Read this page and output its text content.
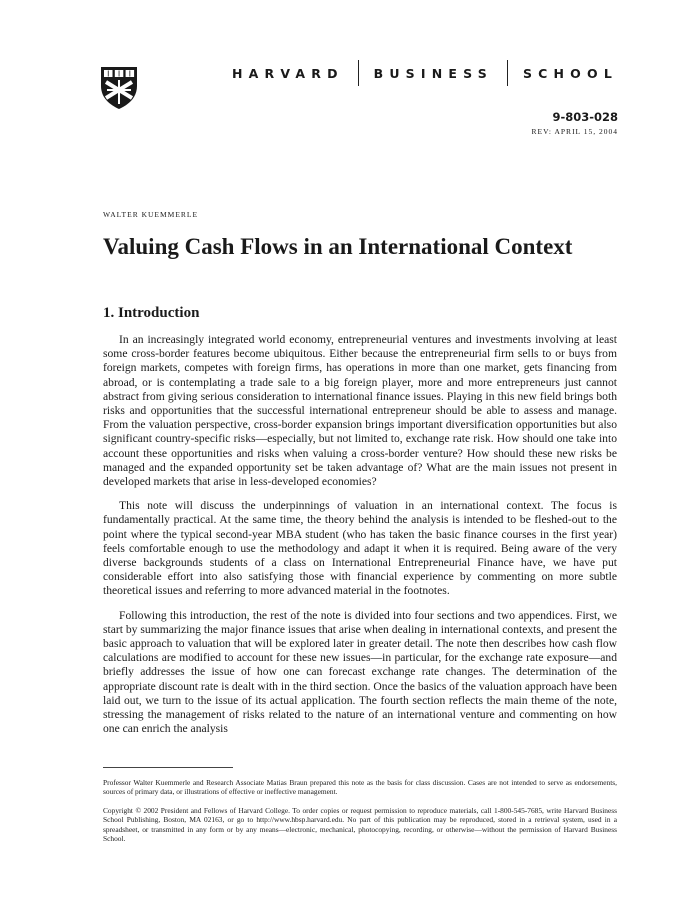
HARVARD BUSINESS SCHOOL
9-803-028
REV: APRIL 15, 2004
WALTER KUEMMERLE
Valuing Cash Flows in an International Context
1. Introduction

In an increasingly integrated world economy, entrepreneurial ventures and investments involving at least some cross-border features become ubiquitous. Either because the entrepreneurial firm sells to or buys from foreign markets, competes with foreign firms, has operations in more than one market, gets financing from abroad, or is contemplating a trade sale to a big foreign player, more and more entrepreneurs just cannot abstract from giving serious consideration to international finance issues. Playing in this new field brings both risks and opportunities that the successful international entrepreneur should be able to assess and manage. From the valuation perspective, cross-border expansion brings important diversification opportunities but also significant country-specific risks—especially, but not limited to, exchange rate risk. How should one take into account these opportunities and risks when valuing a cross-border venture? How should these new risks be managed and the expanded opportunity set be taken advantage of? What are the main issues not present in developed markets that arise in less-developed economies?

This note will discuss the underpinnings of valuation in an international context. The focus is fundamentally practical. At the same time, the theory behind the analysis is intended to be fleshed-out to the point where the typical second-year MBA student (who has taken the basic finance courses in the first year) feels comfortable enough to use the methodology and adapt it when it is required. Being aware of the very diverse backgrounds students of a class on International Entrepreneurial Finance have, we have put considerable effort into also satisfying those with financial experience by commenting on more subtle theoretical issues and referring to more advanced material in the footnotes.

Following this introduction, the rest of the note is divided into four sections and two appendices. First, we start by summarizing the major finance issues that arise when dealing in international contexts, and present the basic approach to valuation that will be explored later in greater detail. The note then describes how cash flow calculations are modified to account for these new issues—in particular, for the exchange rate exposure—and briefly addresses the issue of how one can forecast exchange rate changes. The determination of the appropriate discount rate is dealt with in the third section. Once the basics of the valuation approach have been laid out, we turn to the issue of its actual application. The fourth section reflects the main theme of the note, stressing the management of risks related to the nature of an international venture and commenting on how one can enrich the analysis

Professor Walter Kuemmerle and Research Associate Matias Braun prepared this note as the basis for class discussion. Cases are not intended to serve as endorsements, sources of primary data, or illustrations of effective or ineffective management.

Copyright © 2002 President and Fellows of Harvard College. To order copies or request permission to reproduce materials, call 1-800-545-7685, write Harvard Business School Publishing, Boston, MA 02163, or go to http://www.hbsp.harvard.edu. No part of this publication may be reproduced, stored in a retrieval system, used in a spreadsheet, or transmitted in any form or by any means—electronic, mechanical, photocopying, recording, or otherwise—without the permission of Harvard Business School.
